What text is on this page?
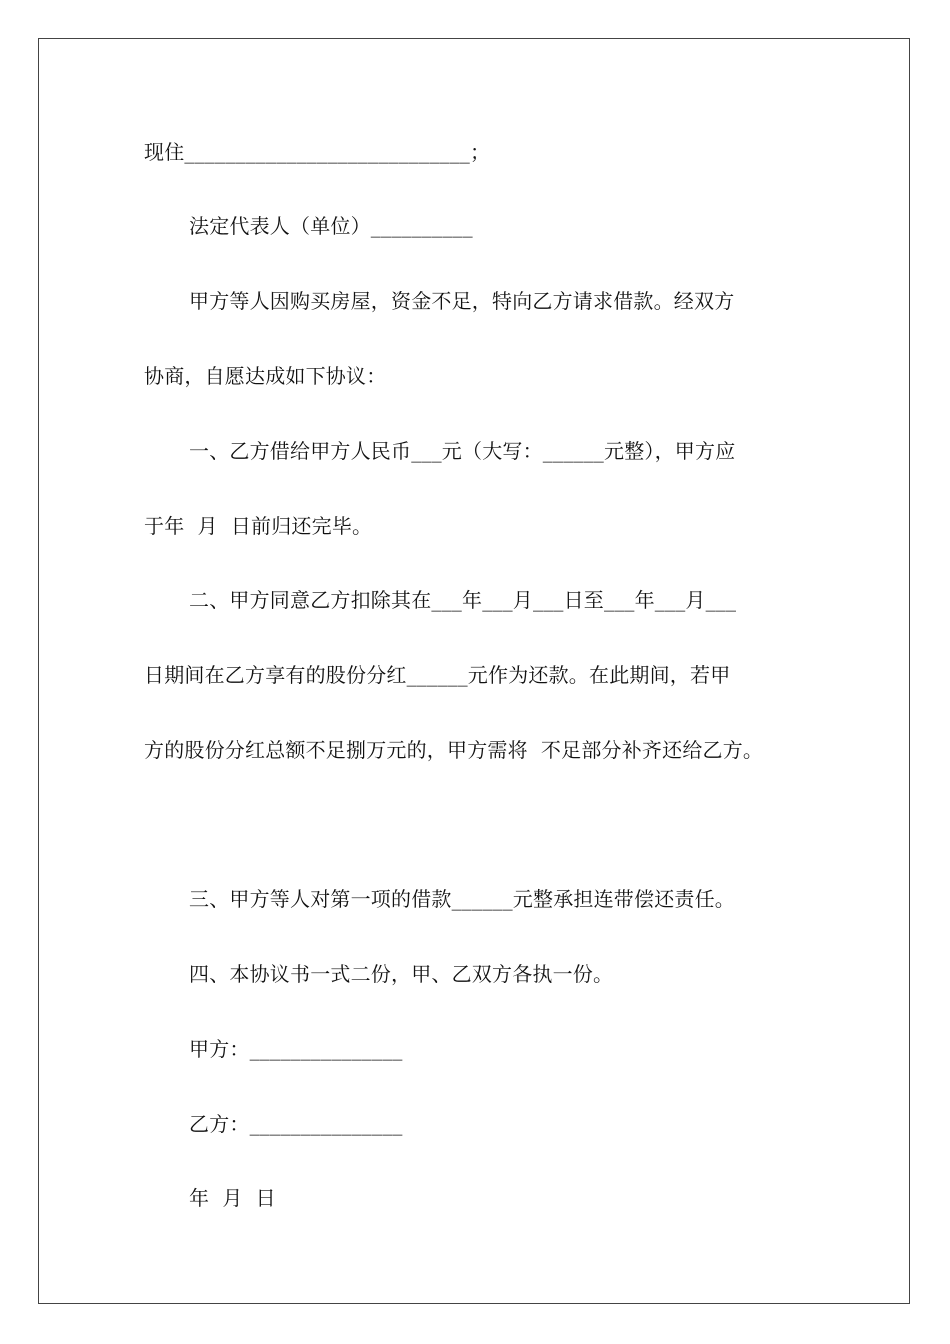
现住____________________________；
法定代表人（单位）__________
甲方等人因购买房屋，资金不足，特向乙方请求借款。经双方
协商，自愿达成如下协议：
一、乙方借给甲方人民币___元（大写：______元整），甲方应
于年  月  日前归还完毕。
二、甲方同意乙方扣除其在___年___月___日至___年___月___
日期间在乙方享有的股份分红______元作为还款。在此期间，若甲
方的股份分红总额不足捌万元的，甲方需将  不足部分补齐还给乙方。
三、甲方等人对第一项的借款______元整承担连带偿还责任。
四、本协议书一式二份，甲、乙双方各执一份。
甲方：_______________
乙方：_______________
年  月  日
